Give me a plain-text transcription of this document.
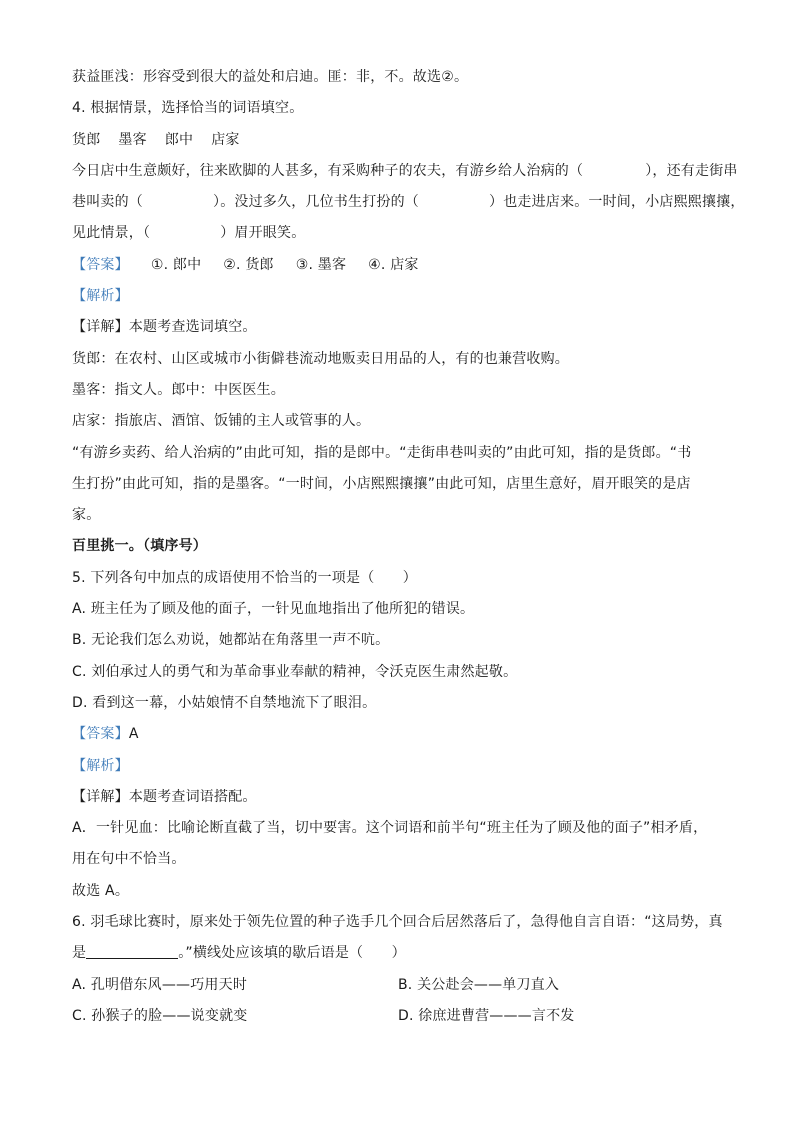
获益匪浅：形容受到很大的益处和启迪。匪：非，不。故选②。
4. 根据情景，选择恰当的词语填空。
货郎 墨客 郎中 店家
今日店中生意颇好，往来欧脚的人甚多，有采购种子的农夫，有游乡给人治病的（	），还有走街串
巷叫卖的（	）。没过多久，几位书生打扮的（	）也走进店来。一时间，小店熙熙攘攘，
见此情景，（	）眉开眼笑。
【答案】 ①. 郎中 ②. 货郎 ③. 墨客 ④. 店家
【解析】
【详解】本题考查选词填空。
货郎：在农村、山区或城市小街僻巷流动地贩卖日用品的人，有的也兼营收购。
墨客：指文人。郎中：中医医生。
店家：指旅店、酒馆、饭铺的主人或管事的人。
“有游乡卖药、给人治病的”由此可知，指的是郎中。“走街串巷叫卖的”由此可知，指的是货郎。“书
生打扮”由此可知，指的是墨客。“一时间，小店熙熙攘攘”由此可知，店里生意好，眉开眼笑的是店
家。
百里挑一。（填序号）
5. 下列各句中加点的成语使用不恰当的一项是（　　）
A. 班主任为了顾及他的面子，一针见血地指出了他所犯的错误。
B. 无论我们怎么劝说，她都站在角落里一声不吭。
C. 刘伯承过人的勇气和为革命事业奉献的精神，令沃克医生肃然起敬。
D. 看到这一幕，小姑娘情不自禁地流下了眼泪。
【答案】A
【解析】
【详解】本题考查词语搭配。
A．一针见血：比喻论断直截了当，切中要害。这个词语和前半句“班主任为了顾及他的面子”相矛盾，
用在句中不恰当。
故选 A。
6. 羽毛球比赛时，原来处于领先位置的种子选手几个回合后居然落后了，急得他自言自语：“这局势，真
是	。”横线处应该填的歇后语是（　　）
A. 孔明借东风——巧用天时	B. 关公赴会——单刀直入
C. 孙猴子的脸——说变就变	D. 徐庶进曹营———言不发
